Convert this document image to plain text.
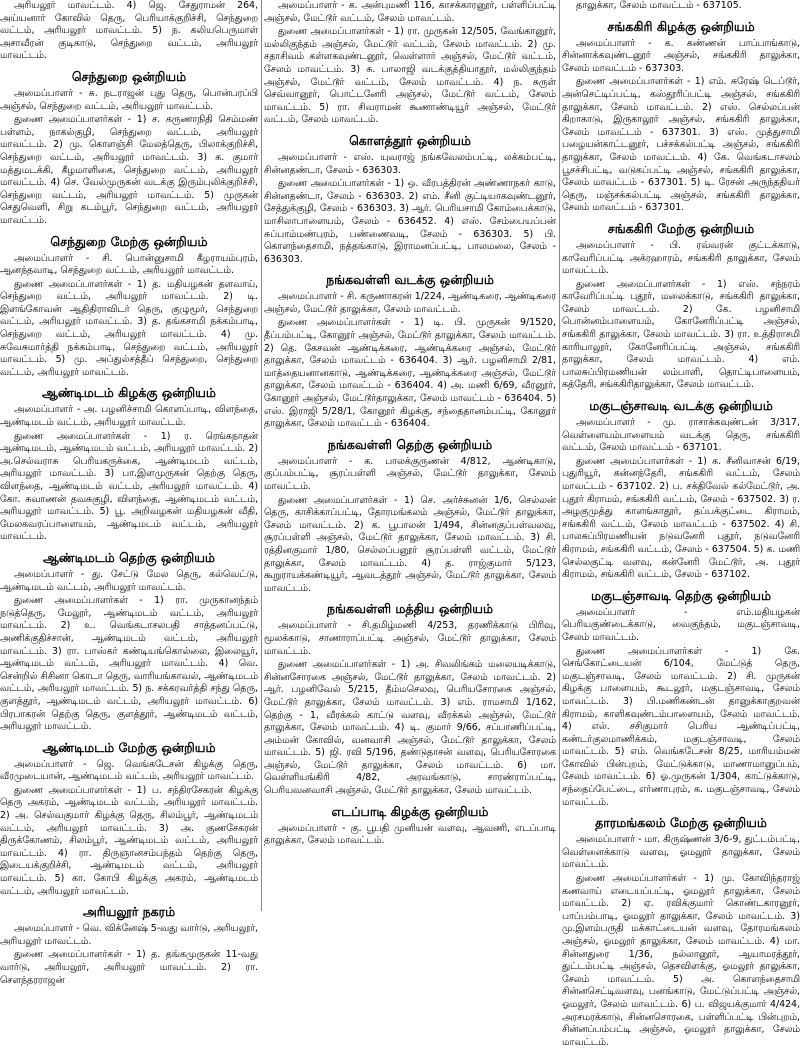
அரியலூர் மாவட்டம். 4) ஜெ. சேதுராமன் 264, அய்யனார் கோவில் தெரு, பெரியாக்குறிச்சி, செந்துறை வட்டம், அரியலூர் மாவட்டம். 5) ந. கலியபெருமாள் அசாவீரன் குடிகாடு, செந்துறை வட்டம், அரியலூர் மாவட்டம்.

செந்துறை ஒன்றியம்

அமைப்பாளர் - சு. நடராஜன் புது தெரு, பொன்பரப்பி அஞ்சல், செந்துறை வட்டம், அரியலூர் மாவட்டம்.

துணை அமைப்பாளர்கள் - 1) ச. கருணாநிதி செம்மண் பள்ளம், நாகல்குழி, செந்துறை வட்டம், அரியலூர் மாவட்டம். 2) மு. கொளஞ்சி மேலத்தெரு, பிலாக்குறிச்சி, செந்துறை வட்டம், அரியலூர் மாவட்டம். 3) க. குமார் மத்துமடக்கி, கீழமாளிகை, செந்துறை வட்டம், அரியலூர் மாவட்டம். 4) செ. வேல்முருகன் வடக்கு இரும்புலிக்குறிச்சி, செந்துறை வட்டம், அரியலூர் மாவட்டம். 5) முருகன் செதுவெளி, சிறு கடம்பூர், செந்துறை வட்டம், அரியலூர் மாவட்டம்.

செந்துறை மேற்கு ஒன்றியம்

அமைப்பாளர் - சி. பொன்னுசாமி கீழராயம்புரம், ஆனந்தவாடி, செந்துறை வட்டம், அரியலூர் மாவட்டம்.

துணை அமைப்பாளர்கள் - 1) த. மதியழகன் தளவாய், செந்துறை வட்டம், அரியலூர் மாவட்டம். 2) டி. இளங்கோவன் ஆதிதிராவிடர் தெரு, குழுமூர், செந்துறை வட்டம், அரியலூர் மாவட்டம். 3) த. தங்கசாமி நக்கம்பாடி, செந்துறை வட்டம், அரியலூர் மாவட்டம். 4) மு. சுவேசுமார்த்தி நக்கம்பாடி, செந்துறை வட்டம், அரியலூர் மாவட்டம். 5) மு. அப்துல்சத்தீப் செந்துறை, செந்துறை வட்டம், அரியலூர் மாவட்டம்.

ஆண்டிமடம் கிழக்கு ஒன்றியம்

அமைப்பாளர் - அ. பழனிச்சாமி கொளப்பாடி, விளந்தை, ஆண்டிமடம் வட்டம், அரியலூர் மாவட்டம்.

துணை அமைப்பாளர்கள் - 1) ர. ரெங்கநாதன் ஆண்டிமடம், ஆண்டிமடம் வட்டம், அரியலூர் மாவட்டம். 2) அ.செல்வராசு பெரியகருக்கை, ஆண்டிமடம் வட்டம், அரியலூர் மாவட்டம். 3) பா.இளமுருகன் தெற்கு தெரு, விளந்தை, ஆண்டிமடம் வட்டம், அரியலூர் மாவட்டம். 4) கோ. சுவாணன் தவசுகுழி, விளந்தை, ஆண்டிமடம் வட்டம், அரியலூர் மாவட்டம். 5) பூ. அறிவழகன் மதியழகன் வீதி, மேலகவரப்பாளையம், ஆண்டிமடம் வட்டம், அரியலூர் மாவட்டம்.

ஆண்டிமடம் தெற்கு ஒன்றியம்

அமைப்பாளர் - து. சேட்டு மேல தெரு, கல்வெட்டு, ஆண்டிமடம் வட்டம், அரியலூர் மாவட்டம்.

துணை அமைப்பாளர்கள் - 1) ரா. முருகானந்தம் நடுத்தெரு, மேலூர், ஆண்டிமடம் வட்டம், அரியலூர் மாவட்டம். 2) உ. வெங்கடாசலபதி சாத்தனப்பட்டு, அணிக்குதிச்சான், ஆண்டிமடம் வட்டம், அரியலூர் மாவட்டம். 3) ரா. பாஸ்கர் கண்டியங்கொல்லை, இலையூர், ஆண்டிமடம் வட்டம், அரியலூர் மாவட்டம். 4) வெ. சென்றில் சிசினா கொடா தெரு, வாரியங்காவல், ஆண்டிமடம் வட்டம், அரியலூர் மாவட்டம். 5) ந. சக்கரவர்த்தி சந்து தெரு, குளத்தூர், ஆண்டிமடம் வட்டம், அரியலூர் மாவட்டம். 6) பிரபாகரன் தெற்கு தெரு, குளத்தூர், ஆண்டிமடம் வட்டம், அரியலூர் மாவட்டம்.

ஆண்டிமடம் மேற்கு ஒன்றியம்

அமைப்பாளர் - ஜெ. வெங்கடேசன் கிழக்கு தெரு, வீரமுடையான், ஆண்டிமடம் வட்டம், அரியலூர் மாவட்டம்.

துணை அமைப்பாளர்கள் - 1) ப. சந்திரசேகரன் கிழக்கு தெரு அகரம், ஆண்டிமடம் வட்டம், அரியலூர் மாவட்டம். 2) அ. செல்வகுமார் கிழக்கு தெரு, சிலம்பூர், ஆண்டிமடம் வட்டம், அரியலூர் மாவட்டம். 3) அ. குணசேகரன் திருக்கோணம், சிலம்பூர், ஆண்டிமடம் வட்டம், அரியலூர் மாவட்டம். 4) ரா. திருஞானசம்பந்தம் தெற்கு தெரு, இடையக்குறிச்சி, ஆண்டிமடம் வட்டம், அரியலூர் மாவட்டம். 5) கா. கோபி கிழக்கு அகரம், ஆண்டிமடம் வட்டம், அரியலூர் மாவட்டம்.

அரியலூர் நகரம்

அமைப்பாளர் - வெ. விக்னேஷ் 5-வது வார்டு, அரியலூர், அரியலூர் மாவட்டம்.

துணை அமைப்பாளர்கள் - 1) த. தங்கமுருகன் 11-வது வார்டு, அரியலூர், அரியலூர் மாவட்டம். 2) ரா. சௌந்தரராஜன்

அமைப்பாளர் - க. அன்புமணி 116, காசக்காரனூர், பள்ளிப்பட்டி அஞ்சல், மேட்டூர் வட்டம், சேலம் மாவட்டம்.

துணை அமைப்பாளர்கள் - 1) ரா. முருகன் 12/505, வேங்கானூர், மல்லிகுந்தம் அஞ்சல், மேட்டூர் வட்டம், சேலம் மாவட்டம். 2) மு. சதாசிவம் கள்ளகவுண்டனூர், வெள்ளார் அஞ்சல், மேட்டூர் வட்டம், சேலம் மாவட்டம். 3) சு. பாலாஜி வடக்குத்தியாதூர், மல்லிகுந்தம் அஞ்சல், மேட்டூர் வட்டம், சேலம் மாவட்டம். 4) ந. சுருள் செவ்வானூர், பொட்டனேரி அஞ்சல், மேட்டூர் வட்டம், சேலம் மாவட்டம். 5) ரா. சிவராமன் கூணாண்டியூர் அஞ்சல், மேட்டூர் வட்டம், சேலம் மாவட்டம்.

கொளத்தூர் ஒன்றியம்

அமைப்பாளர் - எஸ். யுவராஜ் நங்கவேலம்பட்டி, லக்கம்பட்டி, சின்னதண்டா, சேலம் - 636303.

துணை அமைப்பாளர்கள் - 1) ஒ. வீரபத்திரன் அண்ணாநகர் காடு, சின்னதண்டா, சேலம் - 636303. 2) எம். சீனி குட்டியாகவுண்டனூர், சேத்துக்குழி, சேலம் - 636303. 3) ஆர். பெரியசாமி கோம்பைக்காடு, மாசிலாபாளையம், சேலம் - 636452. 4) எஸ். சேம்பையப்பன் சுப்பாம்மண்புரம், பண்ணைவடி, சேலம் - 636303. 5) பி. கொளந்தைசாமி, நத்தங்காடு, இராமனப்பட்டி, பாலமலை, சேலம் - 636303.

நங்கவள்ளி வடக்கு ஒன்றியம்

அமைப்பாளர் - சி. கருணாகரன் 1/224, ஆண்டிகரை, ஆண்டிகரை அஞ்சல், மேட்டூர் தாலுக்கா, சேலம் மாவட்டம்.

துணை அமைப்பாளர்கள் - 1) டி. பி. முருகன் 9/1520, தீப்பம்பட்டி, கோனூர் அஞ்சல், மேட்டூர் தாலுக்கா, சேலம் மாவட்டம். 2) தெ. கேசவன் ஆண்டிக்கரை, ஆண்டிக்கரை அஞ்சல், மேட்டூர் தாலுக்கா, சேலம் மாவட்டம் - 636404. 3) ஆர். பழனிசாமி 2/81, மாத்தையனானகாடு, ஆண்டிக்கரை, ஆண்டிக்கரை அஞ்சல், மேட்டூர் தாலுக்கா, சேலம் மாவட்டம் - 636404. 4) அ. மணி 6/69, வீரனூர், கோனூர் அஞ்சல், மேட்டூர்தாலுக்கா, சேலம் மாவட்டம் - 636404. 5) எஸ். இராஜி 5/28/1, கோனூர் கிழக்கு, சந்தைதானம்பட்டி, கோனூர் தாலுக்கா, சேலம் மாவட்டம் - 636404.

நங்கவள்ளி தெற்கு ஒன்றியம்

அமைப்பாளர் - க. பாலக்குருணன் 4/812, ஆண்டிகாடு, குப்பம்பட்டி, சூரப்பள்ளி அஞ்சல், மேட்டூர் தாலுக்கா, சேலம் மாவட்டம்.

துணை அமைப்பாளர்கள் - 1) செ. அர்ச்சுனன் 1/6, செல்லன் தெரு, காசிக்காப்பட்டி, தோரமங்கலம் அஞ்சல், மேட்டூர் தாலுக்கா, சேலம் மாவட்டம். 2) க. பூபாலன் 1/494, சின்னகுப்பள்வலவு, சூரப்பள்ளி அஞ்சல், மேட்டூர் தாலுக்கா, சேலம் மாவட்டம். 3) சி. ரத்தினகுமார் 1/80, செல்லப்பனூர் சூரப்பள்ளி வட்டம், மேட்டூர் தாலுக்கா, சேலம் மாவட்டம். 4) த. ராஜ்குமார் 5/123, கூறுராயக்கண்டியூர், ஆவடத்தூர் அஞ்சல், மேட்டூர் தாலுக்கா, சேலம் மாவட்டம்.

நங்கவள்ளி மத்திய ஒன்றியம்

அமைப்பாளர் - சி.தமிழ்மணி 4/253, தரணிக்காடு பிரிவு, மூலக்காடு, சாணாராப்பட்டி அஞ்சல், மேட்டூர் தாலுக்கா, சேலம் மாவட்டம்.

துணை அமைப்பாளர்கள் - 1) அ. சிவலிங்கம் மலையடிக்காடு, சின்னசோரகை அஞ்சல், மேட்டூர் தாலுக்கா, சேலம் மாவட்டம். 2) ஆர். பழனிவேல் 5/215, தீம்மசெலவு, பெரியசோரகை அஞ்சல், மேட்டூர் தாலுக்கா, சேலம் மாவட்டம். 3) எம். ராமசாமி 1/162, தெற்கு - 1, வீரக்கல் காட்டு வளவு, வீரக்கல் அஞ்சல், மேட்டூர் தாலுக்கா, சேலம் மாவட்டம். 4) டி. குமார் 9/66, சப்பாணிப்பட்டி, அம்மன் கோவில், வனவாசி அஞ்சல், மேட்டூர் தாலுக்கா, சேலம் மாவட்டம். 5) ஜி. ரவி 5/196, தண்டுதாசன் வளவு, பெரியசோரகை அஞ்சல், மேட்டூர் தாலுக்கா, சேலம் மாவட்டம். 6) மா. வெள்ளியங்கிரி 4/82, அரவங்காடு, சாரண்ராப்பட்டி, பெரியவனவாசி அஞ்சல், மேட்டூர் தாலுக்கா, சேலம் மாவட்டம்.

எடப்பாடி கிழக்கு ஒன்றியம்

அமைப்பாளர் - கு. பூபதி முனியன் வளவு, ஆவணி, எடப்பாடி தாலுக்கா, சேலம் மாவட்டம்.

தாலுக்கா, சேலம் மாவட்டம் - 637105.

சங்ககிரி கிழக்கு ஒன்றியம்

அமைப்பாளர் - க. கண்ணன் பாப்பாங்காடு, சின்னாக்கவுண்டனூர் அஞ்சல், சங்ககிரி தாலுக்கா, சேலம் மாவட்டம் - 637303.

துணை அமைப்பாளர்கள் - 1) எம். சுரேஷ் டெப்டூர், அன்செட்டிப்பட்டி, கஸ்தூரிப்பட்டி அஞ்சல், சங்ககிரி தாலுக்கா, சேலம் மாவட்டம். 2) எஸ். செல்லப்பன் கிறாகாடு, இருகாலூர் அஞ்சல், சங்ககிரி தாலுக்கா, சேலம் மாவட்டம் - 637301. 3) எஸ். முத்துசாமி பழையன்காட்டனூர், பச்சக்கல்பட்டி அஞ்சல், சங்ககிரி தாலுக்கா, சேலம் மாவட்டம். 4) கே. வெங்கடாசலம் பூசச்சிபட்டி, வடுகப்பட்டி அஞ்சல், சங்ககிரி தாலுக்கா, சேலம் மாவட்டம் - 637301. 5) டி. ரேசன் அருந்ததியர் தெரு, மஞ்சக்கல்பட்டி அஞ்சல், சங்ககிரி தாலுக்கா, சேலம் மாவட்டம் - 637301.

சங்ககிரி மேற்கு ஒன்றியம்

அமைப்பாளர் - பி. ரவ்வரன் குட்டக்காடு, காவேரிப்பட்டி அக்ரஹாரம், சங்ககிரி தாலுக்கா, சேலம் மாவட்டம்.

துணை அமைப்பாளர்கள் - 1) எஸ். சந்நரம் காவேரிப்பட்டி புதூர், மலைக்காடு, சங்ககிரி தாலுக்கா, சேலம் மாவட்டம். 2) கே. பழனிசாமி பொன்னம்பாளையம், கோனேரிப்பட்டி அஞ்சல், சங்ககிரி தாலுக்கா, சேலம் மாவட்டம். 3) ரா. உத்திராசமி காரியாலூர், கோனேரிப்பட்டி அஞ்சல், சங்ககிரி தாலுக்கா, சேலம் மாவட்டம். 4) எம். பாலசுப்பிரமணியன் லம்பாளி, தொட்டிபாளையம், கத்தேரி, சங்ககிரிதாலுக்கா, சேலம் மாவட்டம்.

மகுடஞ்சாவடி வடக்கு ஒன்றியம்

அமைப்பாளர் - மு. ராசாக்கவுண்டன் 3/317, வெள்ளையம்பாளையம் வடக்கு தெரு, சங்ககிரி வட்டம், சேலம் மாவட்டம் - 637101.

துணை அமைப்பாளர்கள் - 1) க. சீனிவாசன் 6/19, புதுரியூர், கன்னந்தேரி, சங்ககிரி வட்டம், சேலம் மாவட்டம் - 637102. 2) ப. சக்திவேல் கல்மேட்டூர், அ. புதூர் கிராமம், சங்ககிரி வட்டம், சேலம் - 637502. 3) ர. அழகுமுத்து காளங்காதூர், தப்பக்குட்டை கிராமம், சங்ககிரி வட்டம், சேலம் மாவட்டம் - 637502. 4) சி. பாலசுப்பிரமணியன் நடுவனேரி புதூர், நடுவனேரி கிராமம், சங்ககிரி வட்டம், சேலம் - 637504. 5) க. மணி செல்லகுட்டி வளவு, கன்னேரி மேட்டூர், அ. புதூர் கிராமம், சங்ககிரி வட்டம், சேலம் - 637102.

மகுடஞ்சாவடி தெற்கு ஒன்றியம்

அமைப்பாளர் - எம்.மதியழகன் பெரியகுண்டைக்காடு, வைகுந்தம், மகுடஞ்சாவடி, சேலம் மாவட்டம்.

துணை அமைப்பாளர்கள் - 1) கே. செங்கோட்டையன் 6/104, மேட்டுத் தெரு, மகுடஞ்சாவடி, சேலம் மாவட்டம். 2) சி. முருகன் கிழக்கு பாளையம், கூடலூர், மகுடஞ்சாவடி, சேலம் மாவட்டம். 3) பி.மணிகண்டன் தானுக்காகுறவன் கிராமம், காளிகவுண்டம்பாளையம், சேலம் மாவட்டம். 4) எல். சசிகுமார் பெரிய ஆண்டிப்பட்டி, கண்டர்குலமாணிக்கம், மகுடஞ்சாவடி, சேலம் மாவட்டம். 5) எம். வெங்கடேசன் 8/25, மாரியம்மன் கோவில் பின்புறம், மேட்டுக்காடு, மாணாமானுப்பம், சேலம் மாவட்டம். 6) ஓ.முருகன் 1/304, காட்டுக்காடு, சந்தைப்பேட்டை, எர்ணாபுரம், க. மகுடஞ்சாவடி, சேலம் மாவட்டம்.

தாரமங்கலம் மேற்கு ஒன்றியம்

அமைப்பாளர் - மா. கிருஷ்ணன் 3/6-9, துட்டம்பட்டி, வெள்ளைக்காடு வளவு, ஓமலூர் தாலுக்கா, சேலம் மாவட்டம்.

துணை அமைப்பாளர்கள் - 1) மு. கோவிந்தராஜ் கணவாய் எடையப்பட்டி, ஓமலூர் தாலுக்கா, சேலம் மாவட்டம். 2) ஏ. ரவிக்குமார் கொண்டகாரனூர், பாப்பம்பாடி, ஓமலூர் தாலுக்கா, சேலம் மாவட்டம். 3) மு.இளம்பருதி மக்காட்டையன் வளவு, தோரமங்கலம் அஞ்சல், ஓமலூர் தாலுக்கா, சேலம் மாவட்டம். 4) மா. சின்னதுரை 1/36, நல்லானூர், ஆயாமரத்தூர், துட்டம்பட்டி அஞ்சல், தெசவிளக்கு, ஓமலூர் தாலுக்கா, சேலம் மாவட்டம். 5) அ. கொளந்தைசாமி சின்னசெட்டிவளவு, பனங்காடு, மேட்டுப்பட்டி அஞ்சல், ஓமலூர், சேலம் மாவட்டம். 6) ப. விஜயக்குமார் 4/424, அரசமரக்காடு, சின்னசொரகை, பள்ளிப்பட்டி பின்புறம், சின்னப்பம்பட்டி அஞ்சல், ஓமலூர் தாலுக்கா, சேலம் மாவட்டம்.
